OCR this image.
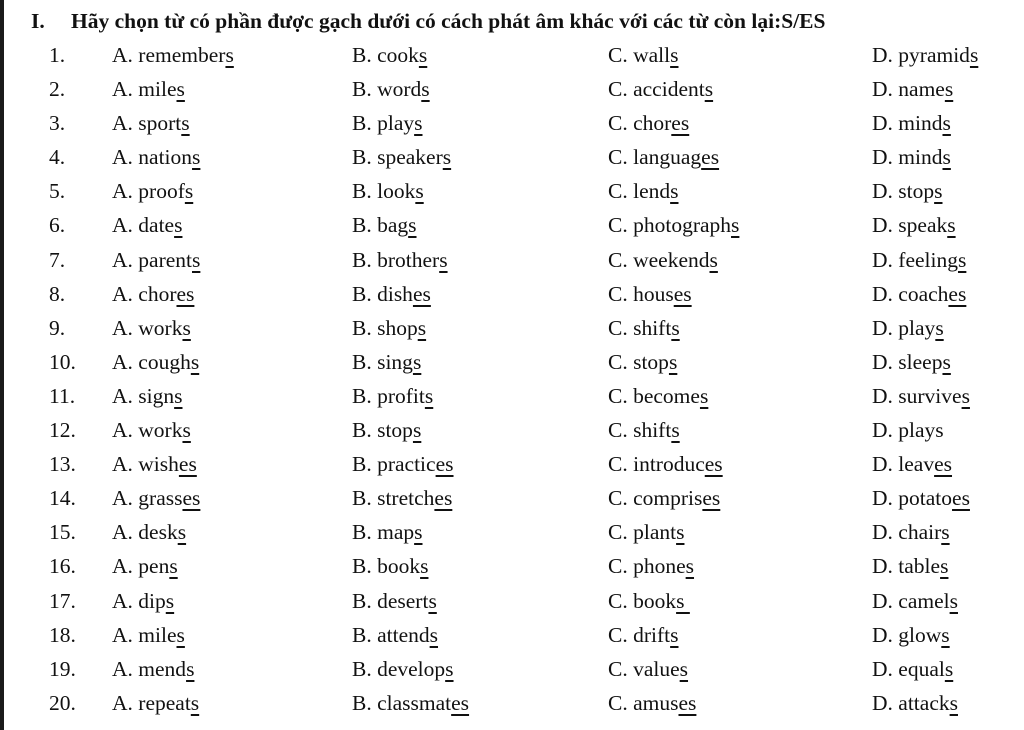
I. Hãy chọn từ có phần được gạch dưới có cách phát âm khác với các từ còn lại:S/ES
1. A. remembers	B. cooks	C. walls	D. pyramids
2. A. miles	B. words	C. accidents	D. names
3. A. sports	B. plays	C. chores	D. minds
4. A. nations	B. speakers	C. languages	D. minds
5. A. proofs	B. looks	C. lends	D. stops
6. A. dates	B. bags	C. photographs	D. speaks
7. A. parents	B. brothers	C. weekends	D. feelings
8. A. chores	B. dishes	C. houses	D. coaches
9. A. works	B. shops	C. shifts	D. plays
10. A. coughs	B. sings	C. stops	D. sleeps
11. A. signs	B. profits	C. becomes	D. survives
12. A. works	B. stops	C. shifts	D. plays
13. A. wishes	B. practices	C. introduces	D. leaves
14. A. grasses	B. stretches	C. comprises	D. potatoes
15. A. desks	B. maps	C. plants	D. chairs
16. A. pens	B. books	C. phones	D. tables
17. A. dips	B. deserts	C. books	D. camels
18. A. miles	B. attends	C. drifts	D. glows
19. A. mends	B. develops	C. values	D. equals
20. A. repeats	B. classmates	C. amuses	D. attacks
